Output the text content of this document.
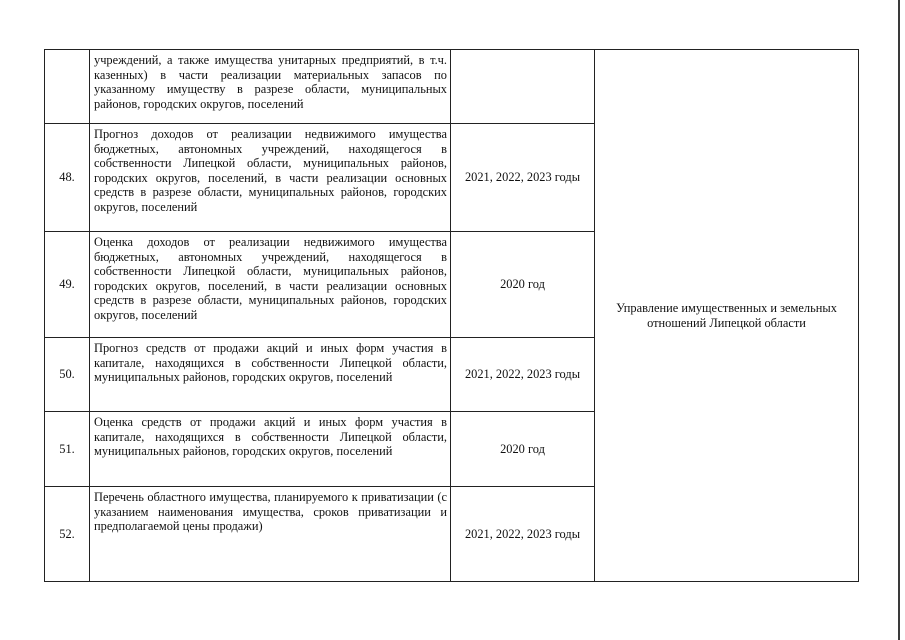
	учреждений, а также имущества унитарных предприятий, в т.ч. казенных) в части реализации материальных запасов по указанному имуществу в разрезе области, муниципальных районов, городских округов, поселений		Управление имущественных и земельных отношений Липецкой области

48.	Прогноз доходов от реализации недвижимого имущества бюджетных, автономных учреждений, находящегося в собственности Липецкой области, муниципальных районов, городских округов, поселений, в части реализации основных средств в разрезе области, муниципальных районов, городских округов, поселений	2021, 2022, 2023 годы	

49.	Оценка доходов от реализации недвижимого имущества бюджетных, автономных учреждений, находящегося в собственности Липецкой области, муниципальных районов, городских округов, поселений, в части реализации основных средств в разрезе области, муниципальных районов, городских округов, поселений	2020 год	

50.	Прогноз средств от продажи акций и иных форм участия в капитале, находящихся в собственности Липецкой области, муниципальных районов, городских округов, поселений	2021, 2022, 2023 годы	

51.	Оценка средств от продажи акций и иных форм участия в капитале, находящихся в собственности Липецкой области, муниципальных районов, городских округов, поселений	2020 год	

52.	Перечень областного имущества, планируемого к приватизации (с указанием наименования имущества, сроков приватизации и предполагаемой цены продажи)	2021, 2022, 2023 годы	
